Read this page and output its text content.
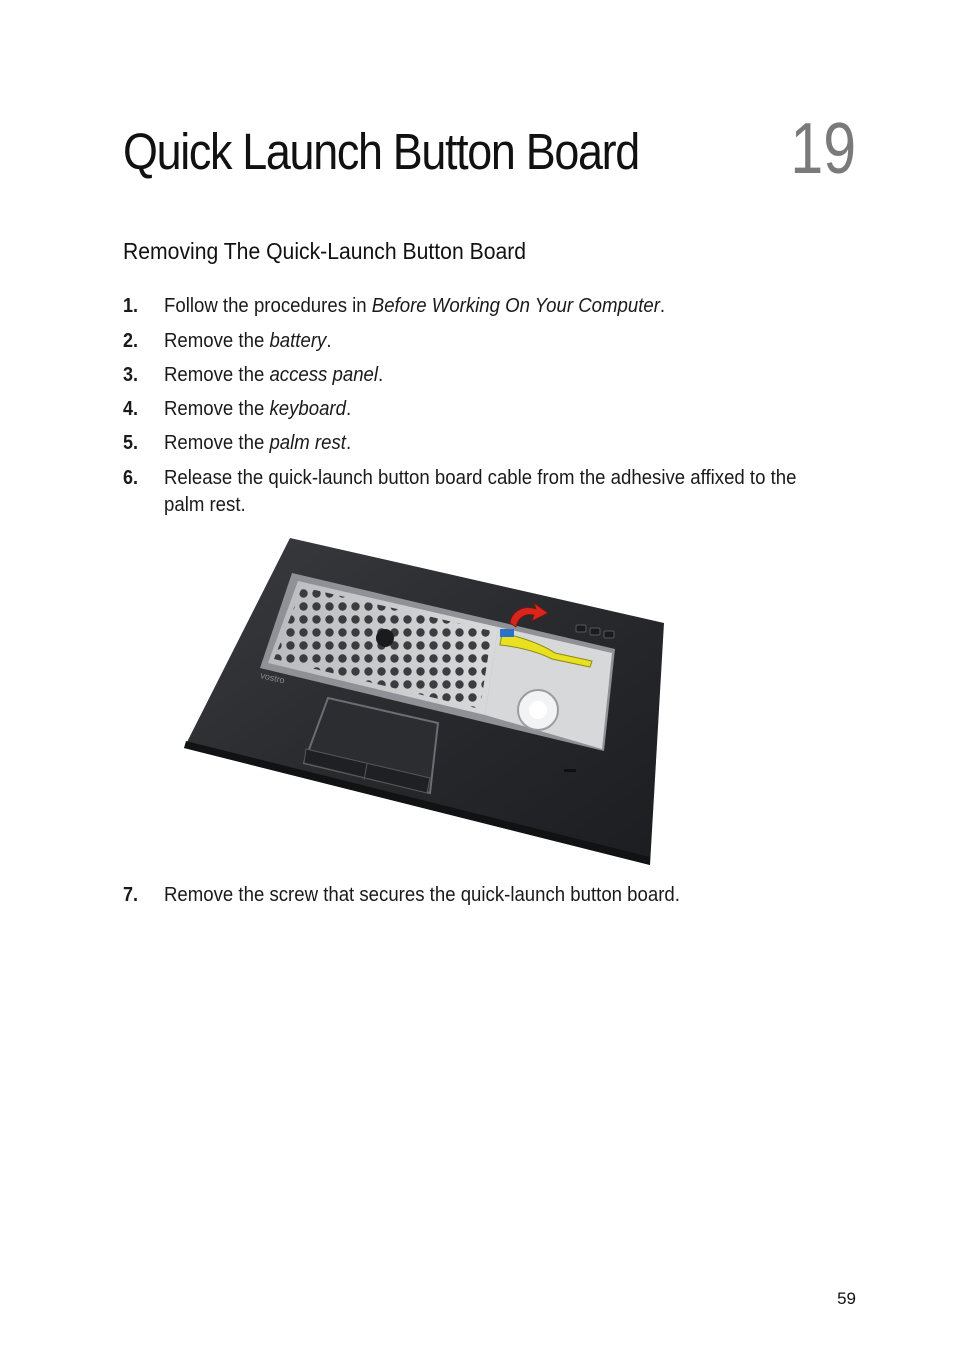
Quick Launch Button Board 19
Removing The Quick-Launch Button Board
1. Follow the procedures in Before Working On Your Computer.
2. Remove the battery.
3. Remove the access panel.
4. Remove the keyboard.
5. Remove the palm rest.
6. Release the quick-launch button board cable from the adhesive affixed to the palm rest.
vostro
7. Remove the screw that secures the quick-launch button board.
59
